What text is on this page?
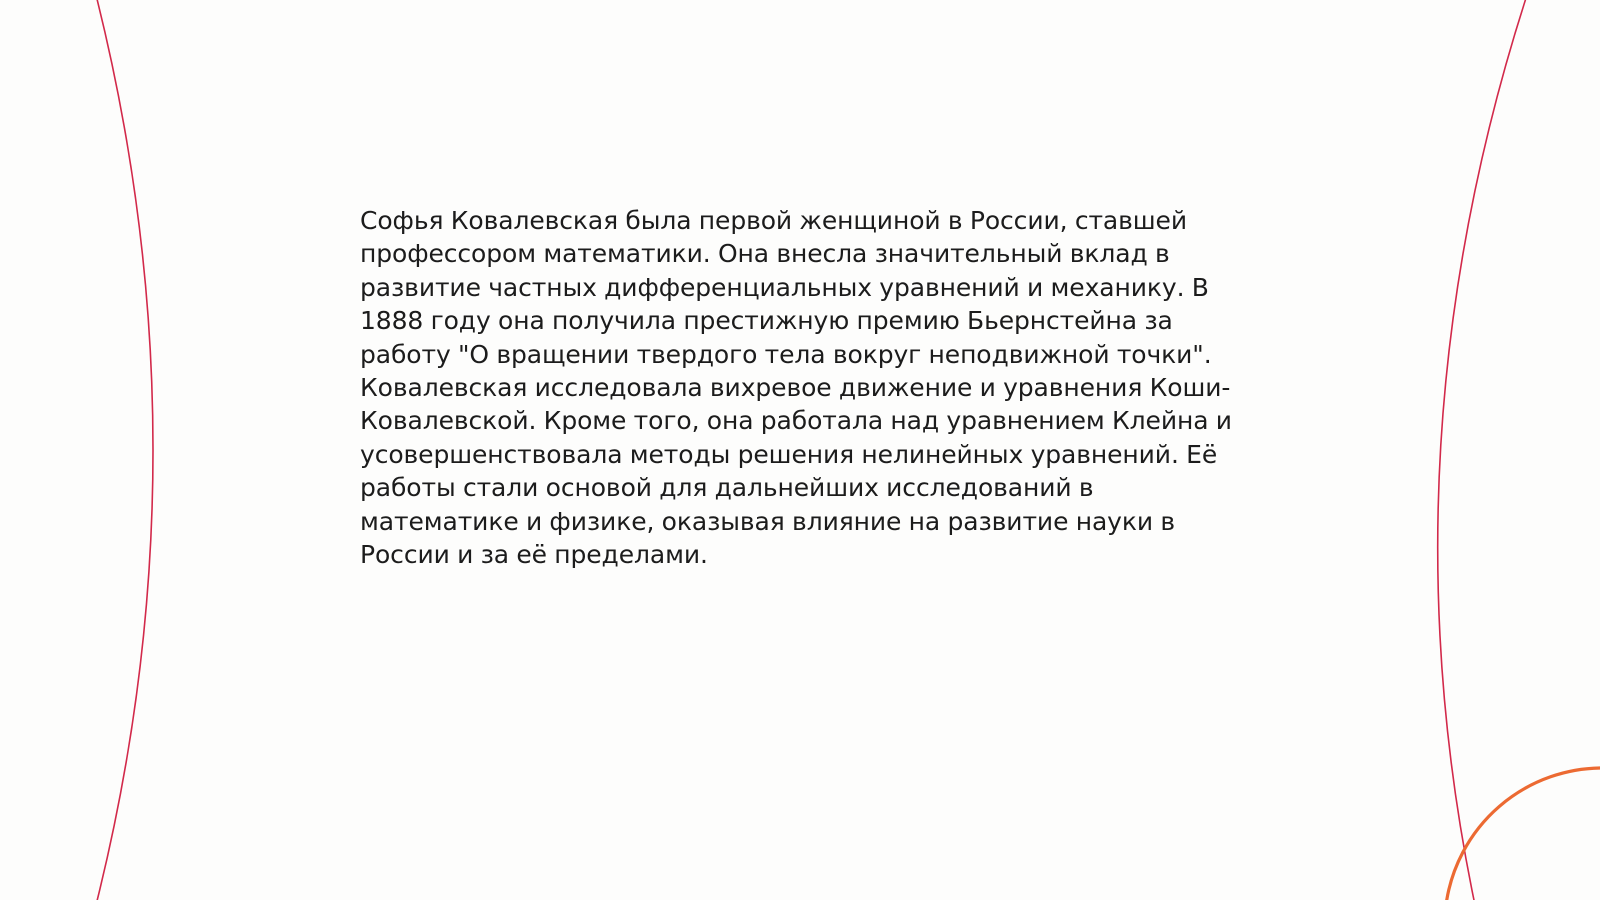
Софья Ковалевская была первой женщиной в России, ставшей профессором математики. Она внесла значительный вклад в развитие частных дифференциальных уравнений и механику. В 1888 году она получила престижную премию Бьернстейна за работу "О вращении твердого тела вокруг неподвижной точки". Ковалевская исследовала вихревое движение и уравнения Коши-Ковалевской. Кроме того, она работала над уравнением Клейна и усовершенствовала методы решения нелинейных уравнений. Её работы стали основой для дальнейших исследований в математике и физике, оказывая влияние на развитие науки в России и за её пределами.
